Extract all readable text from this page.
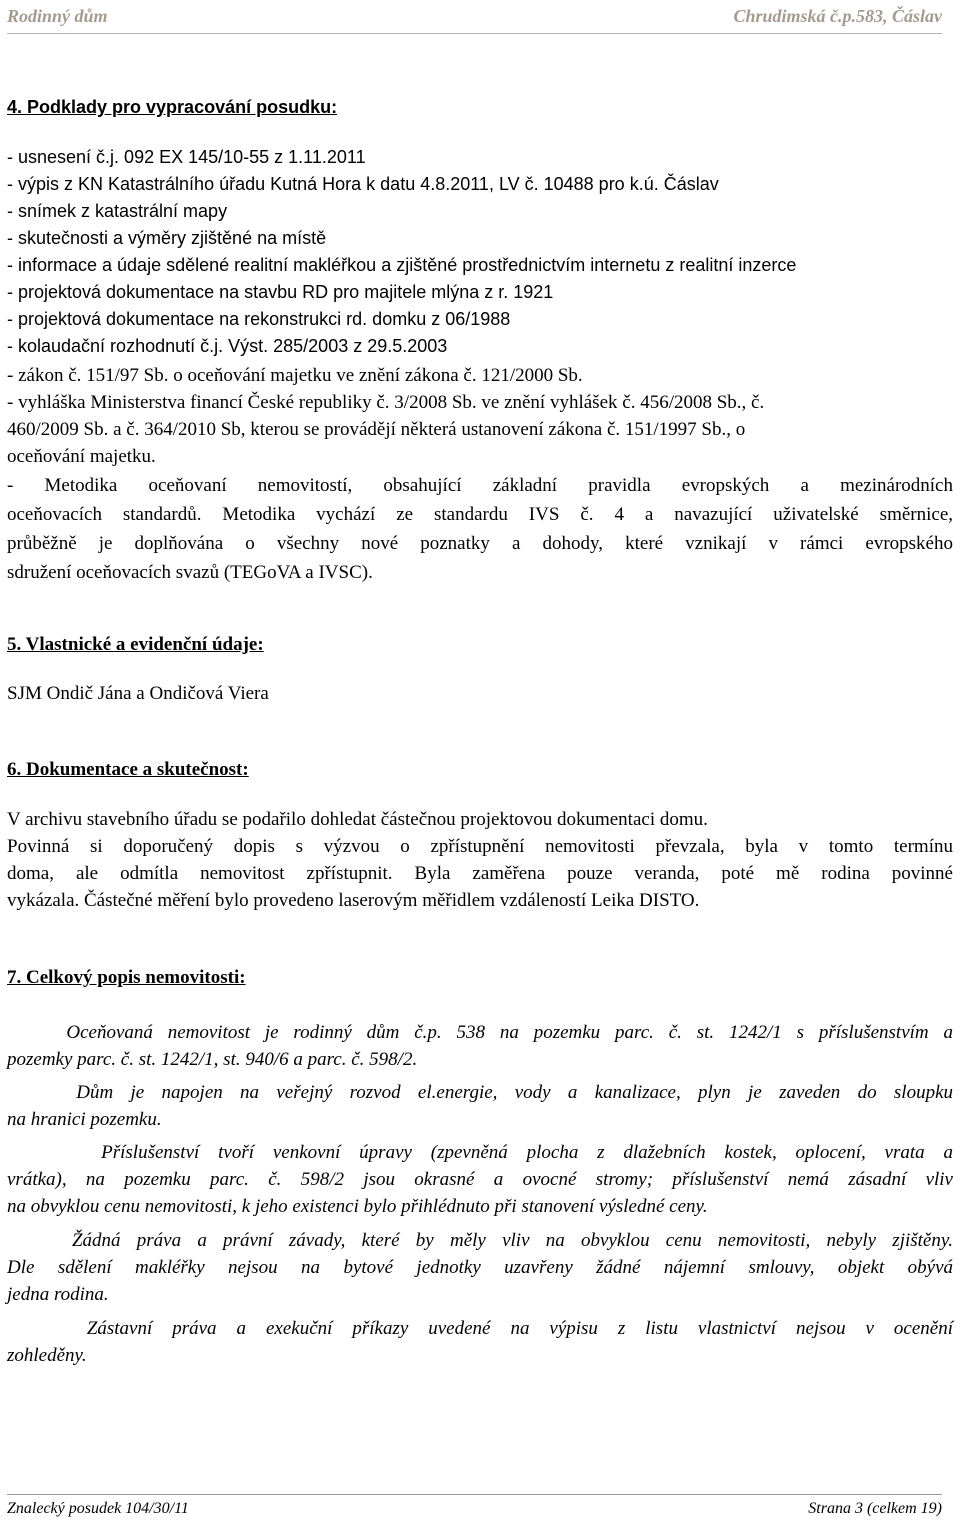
Rodinný dům	Chrudimská č.p.583, Čáslav
4. Podklady pro vypracování posudku:
- usnesení č.j. 092 EX 145/10-55 z 1.11.2011
- výpis z KN Katastrálního úřadu Kutná Hora k datu 4.8.2011, LV č. 10488 pro k.ú. Čáslav
- snímek z katastrální mapy
- skutečnosti a výměry zjištěné na místě
- informace a údaje sdělené realitní makléřkou a zjištěné prostřednictvím internetu z realitní inzerce
- projektová dokumentace na stavbu RD pro majitele mlýna z r. 1921
- projektová dokumentace na rekonstrukci rd. domku z 06/1988
- kolaudační rozhodnutí č.j. Výst. 285/2003 z 29.5.2003
- zákon č. 151/97 Sb. o oceňování majetku ve znění zákona č. 121/2000 Sb.
- vyhláška Ministerstva financí České republiky č. 3/2008 Sb. ve znění vyhlášek č. 456/2008 Sb., č.
460/2009 Sb. a č. 364/2010 Sb, kterou se provádějí některá ustanovení zákona č. 151/1997 Sb., o
oceňování majetku.
- Metodika oceňovaní nemovitostí, obsahující základní pravidla evropských a mezinárodních
oceňovacích standardů. Metodika vychází ze standardu IVS č. 4 a navazující uživatelské směrnice,
průběžně je doplňována o všechny nové poznatky a dohody, které vznikají v rámci evropského
sdružení oceňovacích svazů (TEGoVA a IVSC).
5. Vlastnické a evidenční údaje:
SJM Ondič Jána a Ondičová Viera
6. Dokumentace a skutečnost:
V archivu stavebního úřadu se podařilo dohledat částečnou projektovou dokumentaci domu.
Povinná si doporučený dopis s výzvou o zpřístupnění nemovitosti převzala, byla v tomto termínu
doma, ale odmítla nemovitost zpřístupnit. Byla zaměřena pouze veranda, poté mě rodina povinné
vykázala. Částečné měření bylo provedeno laserovým měřidlem vzdáleností Leika DISTO.
7. Celkový popis nemovitosti:
Oceňovaná nemovitost je rodinný dům č.p. 538 na pozemku parc. č. st. 1242/1 s příslušenstvím a
pozemky parc. č. st. 1242/1, st. 940/6 a parc. č. 598/2.
Dům je napojen na veřejný rozvod el.energie, vody a kanalizace, plyn je zaveden do sloupku
na hranici pozemku.
Příslušenství tvoří venkovní úpravy (zpevněná plocha z dlažebních kostek, oplocení, vrata a
vrátka), na pozemku parc. č. 598/2 jsou okrasné a ovocné stromy; příslušenství nemá zásadní vliv
na obvyklou cenu nemovitosti, k jeho existenci bylo přihlédnuto při stanovení výsledné ceny.
Žádná práva a právní závady, které by měly vliv na obvyklou cenu nemovitosti, nebyly zjištěny.
Dle sdělení makléřky nejsou na bytové jednotky uzavřeny žádné nájemní smlouvy, objekt obývá
jedna rodina.
Zástavní práva a exekuční příkazy uvedené na výpisu z listu vlastnictví nejsou v ocenění
zohleděny.
Znalecký posudek 104/30/11	Strana 3 (celkem 19)
